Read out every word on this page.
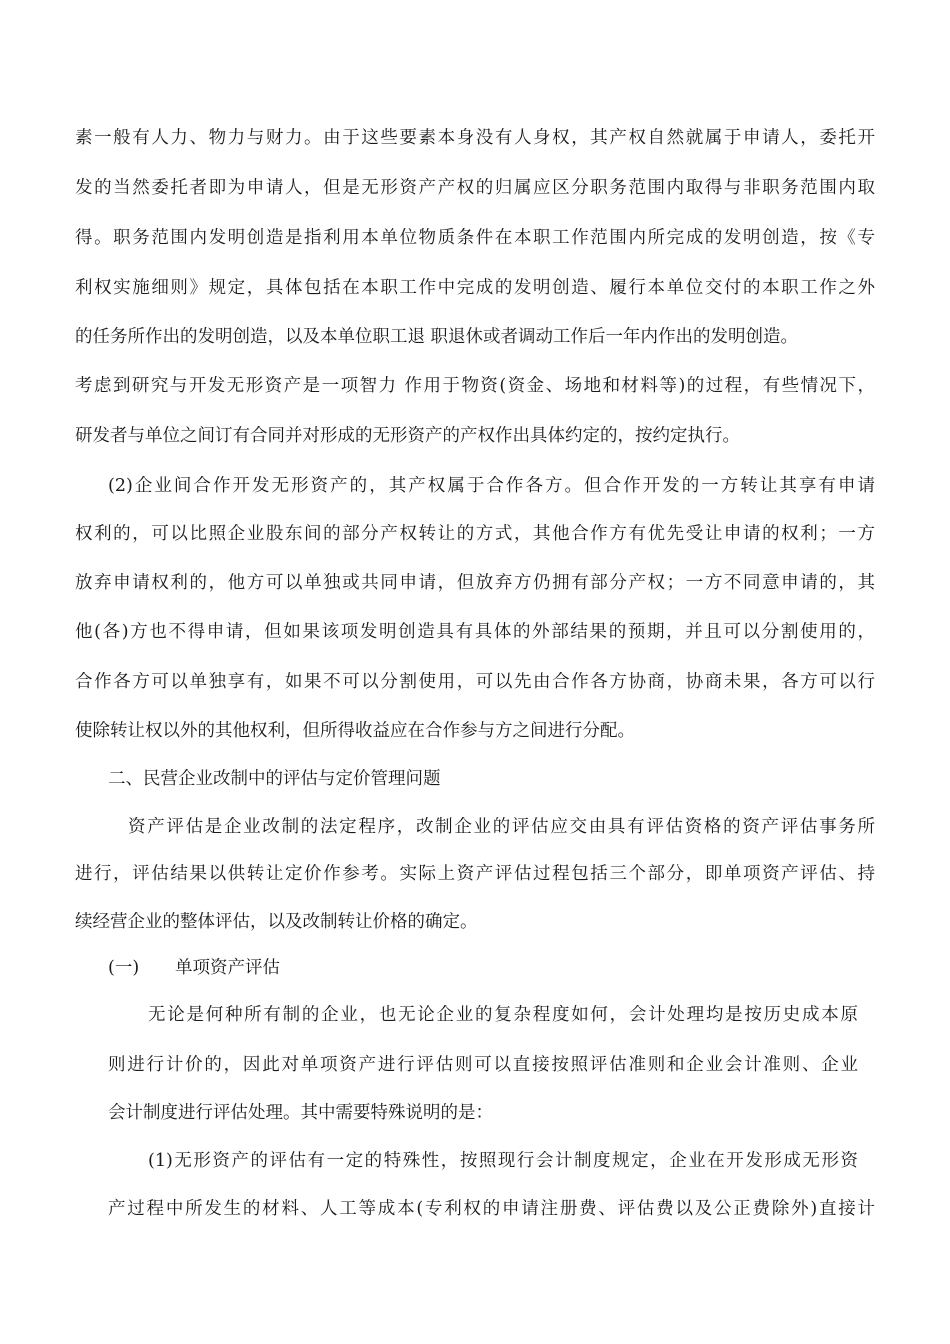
素一般有人力、物力与财力。由于这些要素本身没有人身权，其产权自然就属于申请人，委托开
发的当然委托者即为申请人，但是无形资产产权的归属应区分职务范围内取得与非职务范围内取
得。职务范围内发明创造是指利用本单位物质条件在本职工作范围内所完成的发明创造，按《专
利权实施细则》规定，具体包括在本职工作中完成的发明创造、履行本单位交付的本职工作之外
的任务所作出的发明创造，以及本单位职工退 职退休或者调动工作后一年内作出的发明创造。
考虑到研究与开发无形资产是一项智力 作用于物资(资金、场地和材料等)的过程，有些情况下，
研发者与单位之间订有合同并对形成的无形资产的产权作出具体约定的，按约定执行。
(2)企业间合作开发无形资产的，其产权属于合作各方。但合作开发的一方转让其享有申请
权利的，可以比照企业股东间的部分产权转让的方式，其他合作方有优先受让申请的权利；一方
放弃申请权利的，他方可以单独或共同申请，但放弃方仍拥有部分产权；一方不同意申请的，其
他(各)方也不得申请，但如果该项发明创造具有具体的外部结果的预期，并且可以分割使用的，
合作各方可以单独享有，如果不可以分割使用，可以先由合作各方协商，协商未果，各方可以行
使除转让权以外的其他权利，但所得收益应在合作参与方之间进行分配。
二、民营企业改制中的评估与定价管理问题
资产评估是企业改制的法定程序，改制企业的评估应交由具有评估资格的资产评估事务所
进行，评估结果以供转让定价作参考。实际上资产评估过程包括三个部分，即单项资产评估、持
续经营企业的整体评估，以及改制转让价格的确定。
(一) 单项资产评估
无论是何种所有制的企业，也无论企业的复杂程度如何，会计处理均是按历史成本原
则进行计价的，因此对单项资产进行评估则可以直接按照评估准则和企业会计准则、企业
会计制度进行评估处理。其中需要特殊说明的是：
(1)无形资产的评估有一定的特殊性，按照现行会计制度规定，企业在开发形成无形资
产过程中所发生的材料、人工等成本(专利权的申请注册费、评估费以及公正费除外)直接计
